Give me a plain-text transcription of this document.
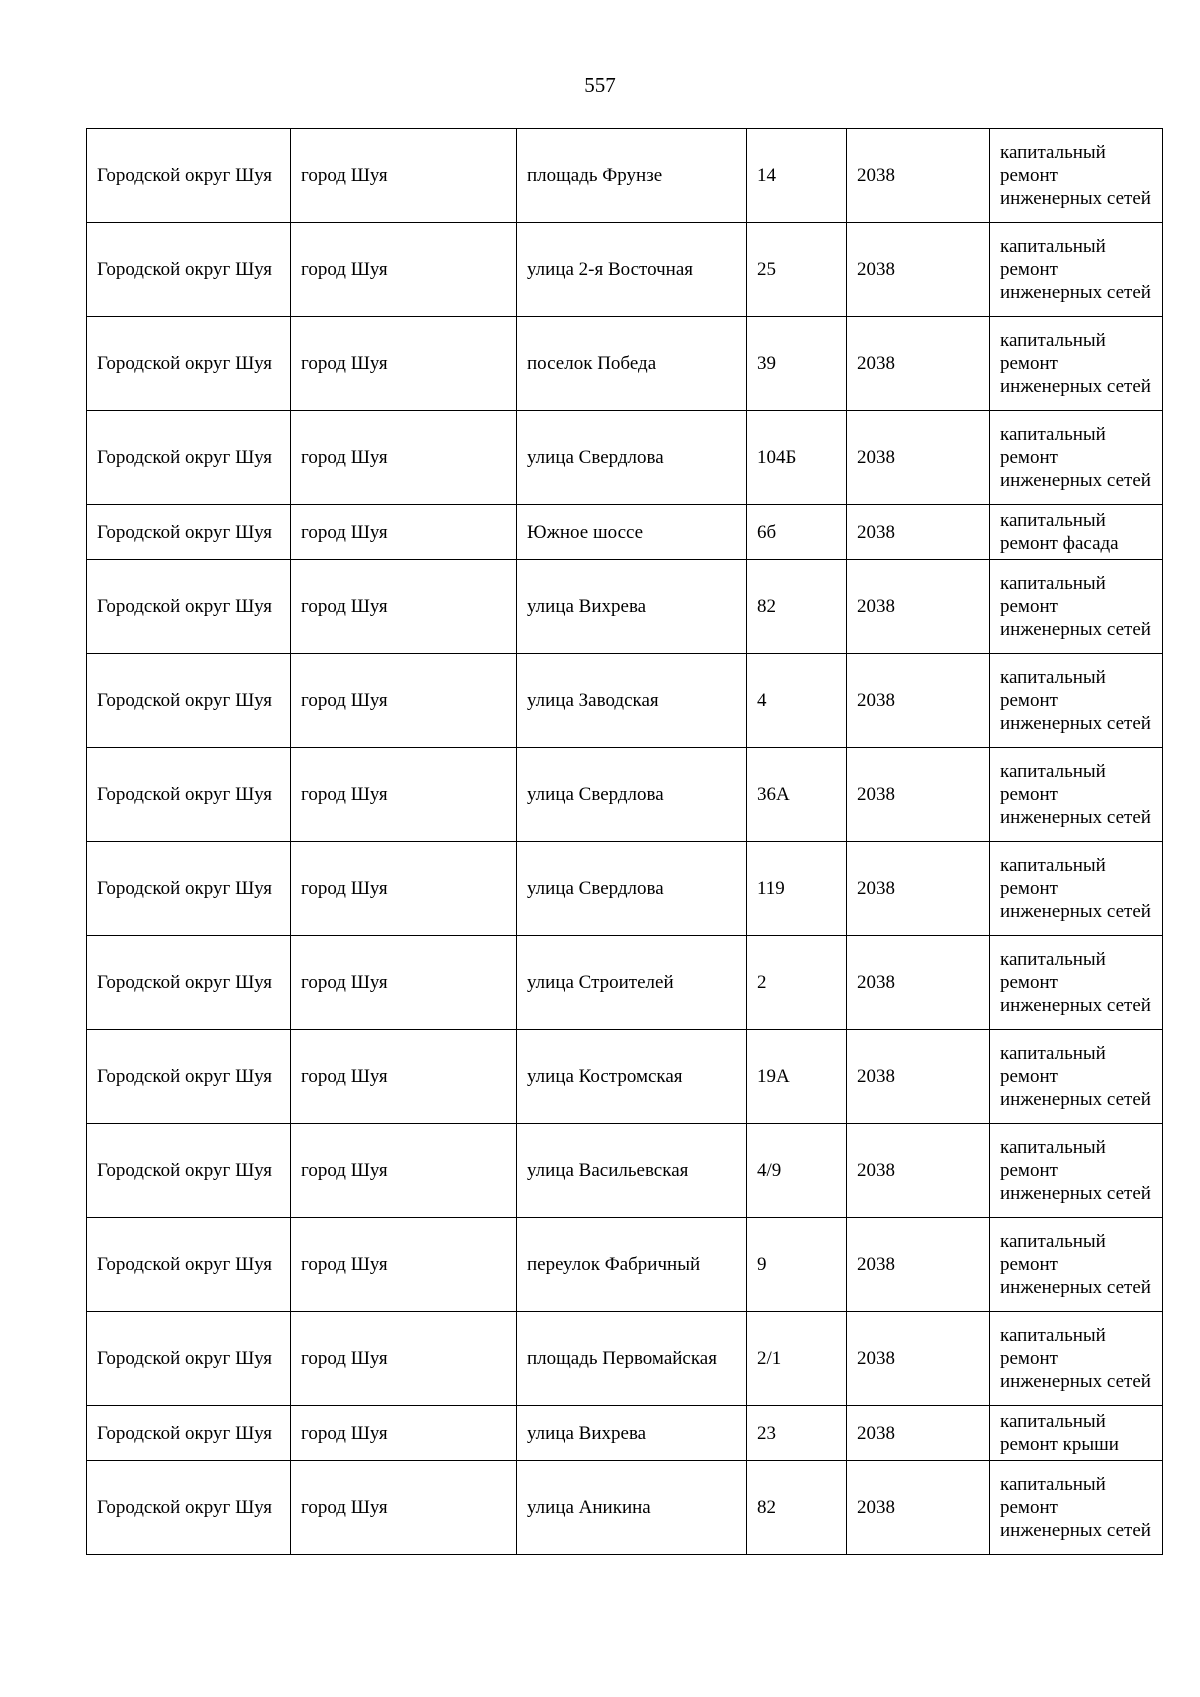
557
Городской округ Шуя	город Шуя	площадь Фрунзе	14	2038	капитальный ремонт инженерных сетей
Городской округ Шуя	город Шуя	улица 2-я Восточная	25	2038	капитальный ремонт инженерных сетей
Городской округ Шуя	город Шуя	поселок Победа	39	2038	капитальный ремонт инженерных сетей
Городской округ Шуя	город Шуя	улица Свердлова	104Б	2038	капитальный ремонт инженерных сетей
Городской округ Шуя	город Шуя	Южное шоссе	6б	2038	капитальный ремонт фасада
Городской округ Шуя	город Шуя	улица Вихрева	82	2038	капитальный ремонт инженерных сетей
Городской округ Шуя	город Шуя	улица Заводская	4	2038	капитальный ремонт инженерных сетей
Городской округ Шуя	город Шуя	улица Свердлова	36А	2038	капитальный ремонт инженерных сетей
Городской округ Шуя	город Шуя	улица Свердлова	119	2038	капитальный ремонт инженерных сетей
Городской округ Шуя	город Шуя	улица Строителей	2	2038	капитальный ремонт инженерных сетей
Городской округ Шуя	город Шуя	улица Костромская	19А	2038	капитальный ремонт инженерных сетей
Городской округ Шуя	город Шуя	улица Васильевская	4/9	2038	капитальный ремонт инженерных сетей
Городской округ Шуя	город Шуя	переулок Фабричный	9	2038	капитальный ремонт инженерных сетей
Городской округ Шуя	город Шуя	площадь Первомайская	2/1	2038	капитальный ремонт инженерных сетей
Городской округ Шуя	город Шуя	улица Вихрева	23	2038	капитальный ремонт крыши
Городской округ Шуя	город Шуя	улица Аникина	82	2038	капитальный ремонт инженерных сетей
